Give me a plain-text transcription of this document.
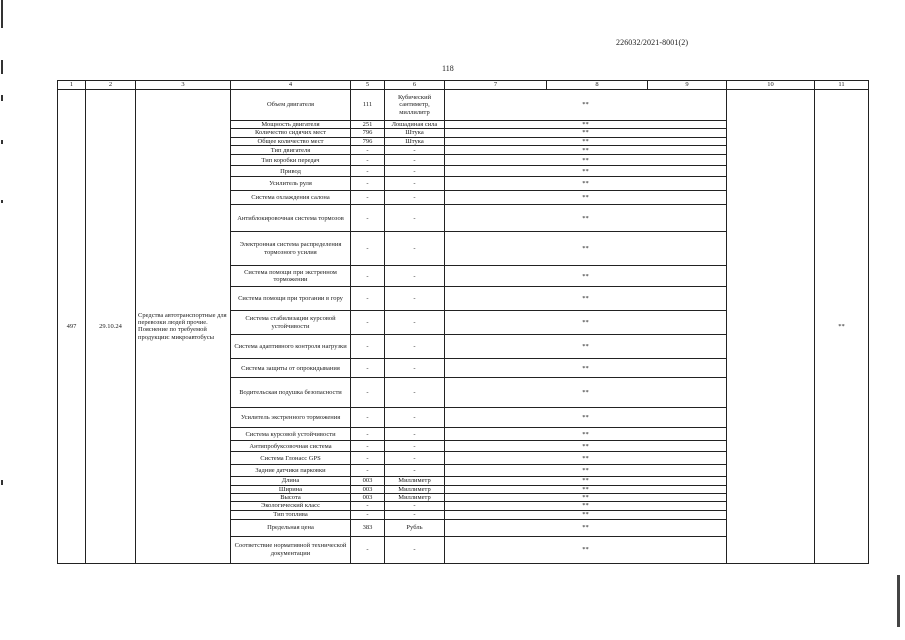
226032/2021-8001(2)
118
1	2	3	4	5	6	7	8	9	10	11
497	29.10.24	Средства автотранспортные для перевозки людей прочие. Пояснение по требуемой продукции: микроавтобусы	Объем двигателя	111	Кубический сантиметр, миллилитр	**				**
			Мощность двигателя	251	Лошадиная сила	**				
			Количество сидячих мест	796	Штука	**				
			Общее количество мест	796	Штука	**				
			Тип двигателя	-	-	**				
			Тип коробки передач	-	-	**				
			Привод	-	-	**				
			Усилитель руля	-	-	**				
			Система охлаждения салона	-	-	**				
			Антиблокировочная система тормозов	-	-	**				
			Электронная система распределения тормозного усилия	-	-	**				
			Система помощи при экстренном торможении	-	-	**				
			Система помощи при трогании в гору	-	-	**				
			Система стабилизации курсовой устойчивости	-	-	**				
			Система адаптивного контроля нагрузки	-	-	**				
			Система защиты от опрокидывания	-	-	**				
			Водительская подушка безопасности	-	-	**				
			Усилитель экстренного торможения	-	-	**				
			Система курсовой устойчивости	-	-	**				
			Антипробуксовочная система	-	-	**				
			Система Глонасс GPS	-	-	**				
			Задние датчики парковки	-	-	**				
			Длина	003	Миллиметр	**				
			Ширина	003	Миллиметр	**				
			Высота	003	Миллиметр	**				
			Экологический класс	-	-	**				
			Тип топлива	-	-	**				
			Предельная цена	383	Рубль	**				
			Соответствие нормативной технической документации	-	-	**				
